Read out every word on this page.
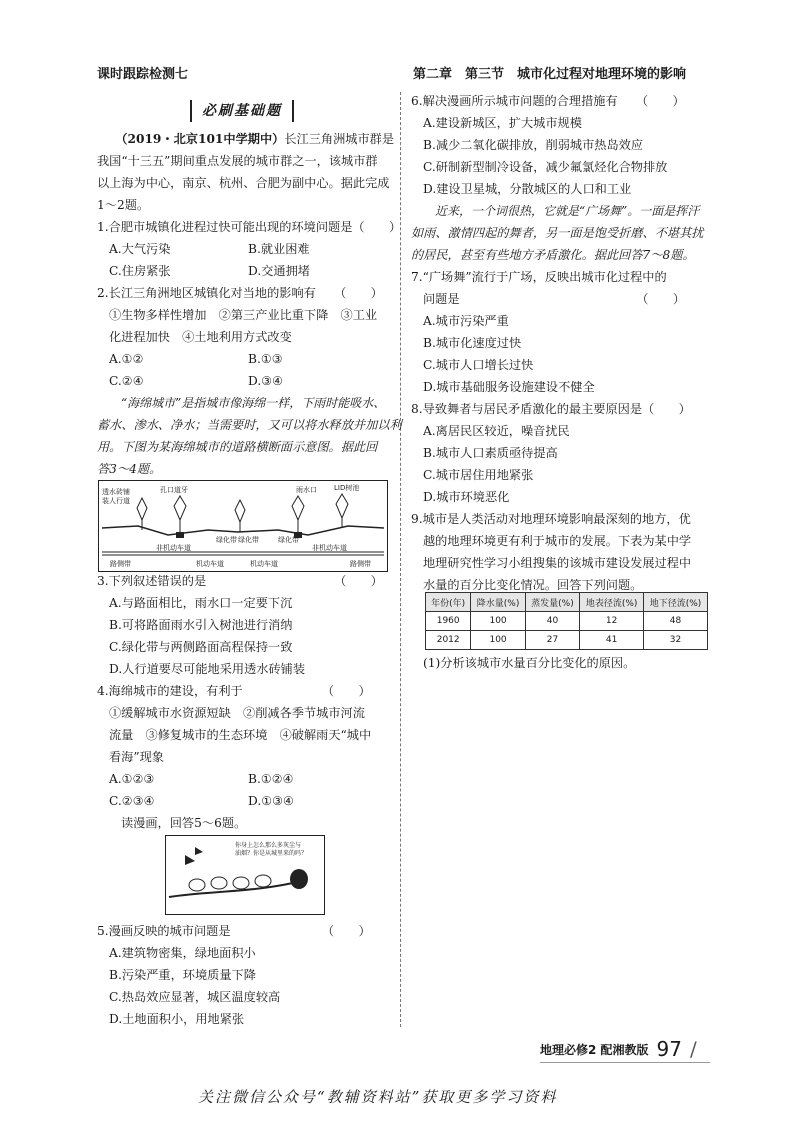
课时跟踪检测七	第二章　第三节　城市化过程对地理环境的影响
必刷基础题

（2019・北京101中学期中）长江三角洲城市群是

我国“十三五”期间重点发展的城市群之一，该城市群

以上海为中心，南京、杭州、合肥为副中心。据此完成

1～2题。

1.合肥市城镇化进程过快可能出现的环境问题是（　　）

A.大气污染	B.就业困难
C.住房紧张	D.交通拥堵

2.长江三角洲地区城镇化对当地的影响有　　（　　）

①生物多样性增加　②第三产业比重下降　③工业

化进程加快　④土地利用方式改变

A.①②	B.①③
C.②④	D.③④

“海绵城市”是指城市像海绵一样，下雨时能吸水、

蓄水、渗水、净水；当需要时，又可以将水释放并加以利

用。下图为某海绵城市的道路横断面示意图。据此回

答3～4题。

透水砖铺
装人行道
孔口道牙	雨水口 LID树池
绿化带 绿化带	绿化带
路侧带
非机动车道
机动车道	机动车道
非机动车道
路侧带

3.下列叙述错误的是　　　　　　　　　　　（　　）

A.与路面相比，雨水口一定要下沉

B.可将路面雨水引入树池进行消纳

C.绿化带与两侧路面高程保持一致

D.人行道要尽可能地采用透水砖铺装

4.海绵城市的建设，有利于　　　　　　　（　　）

①缓解城市水资源短缺　②削减各季节城市河流

流量　③修复城市的生态环境　④破解雨天“城中

看海”现象

A.①②③	B.①②④
C.②③④	D.①③④

读漫画，回答5～6题。

你身上怎么那么多灰尘与
油烟？你是从城里来的吗？

5.漫画反映的城市问题是　　　　　　　　（　　）

A.建筑物密集，绿地面积小

B.污染严重，环境质量下降

C.热岛效应显著，城区温度较高

D.土地面积小，用地紧张

6.解决漫画所示城市问题的合理措施有　　（　　）

A.建设新城区，扩大城市规模

B.减少二氧化碳排放，削弱城市热岛效应

C.研制新型制冷设备，减少氟氯烃化合物排放

D.建设卫星城，分散城区的人口和工业

近来，一个词很热，它就是“广场舞”。一面是挥汗

如雨、激情四起的舞者，另一面是饱受折磨、不堪其扰

的居民，甚至有些地方矛盾激化。据此回答7～8题。

7.“广场舞”流行于广场，反映出城市化过程中的

问题是　　　　　　　　　　　　　　　（　　）

A.城市污染严重

B.城市化速度过快

C.城市人口增长过快

D.城市基础服务设施建设不健全

8.导致舞者与居民矛盾激化的最主要原因是（　　）

A.离居民区较近，噪音扰民

B.城市人口素质亟待提高

C.城市居住用地紧张

D.城市环境恶化

9.城市是人类活动对地理环境影响最深刻的地方，优

越的地理环境更有利于城市的发展。下表为某中学

地理研究性学习小组搜集的该城市建设发展过程中

水量的百分比变化情况。回答下列问题。

年份(年)	降水量(%)	蒸发量(%)	地表径流(%)	地下径流(%)
1960	100	40	12	48
2012	100	27	41	32

(1)分析该城市水量百分比变化的原因。

地理必修2 配湘教版 97 /
关注微信公众号“教辅资料站”获取更多学习资料
